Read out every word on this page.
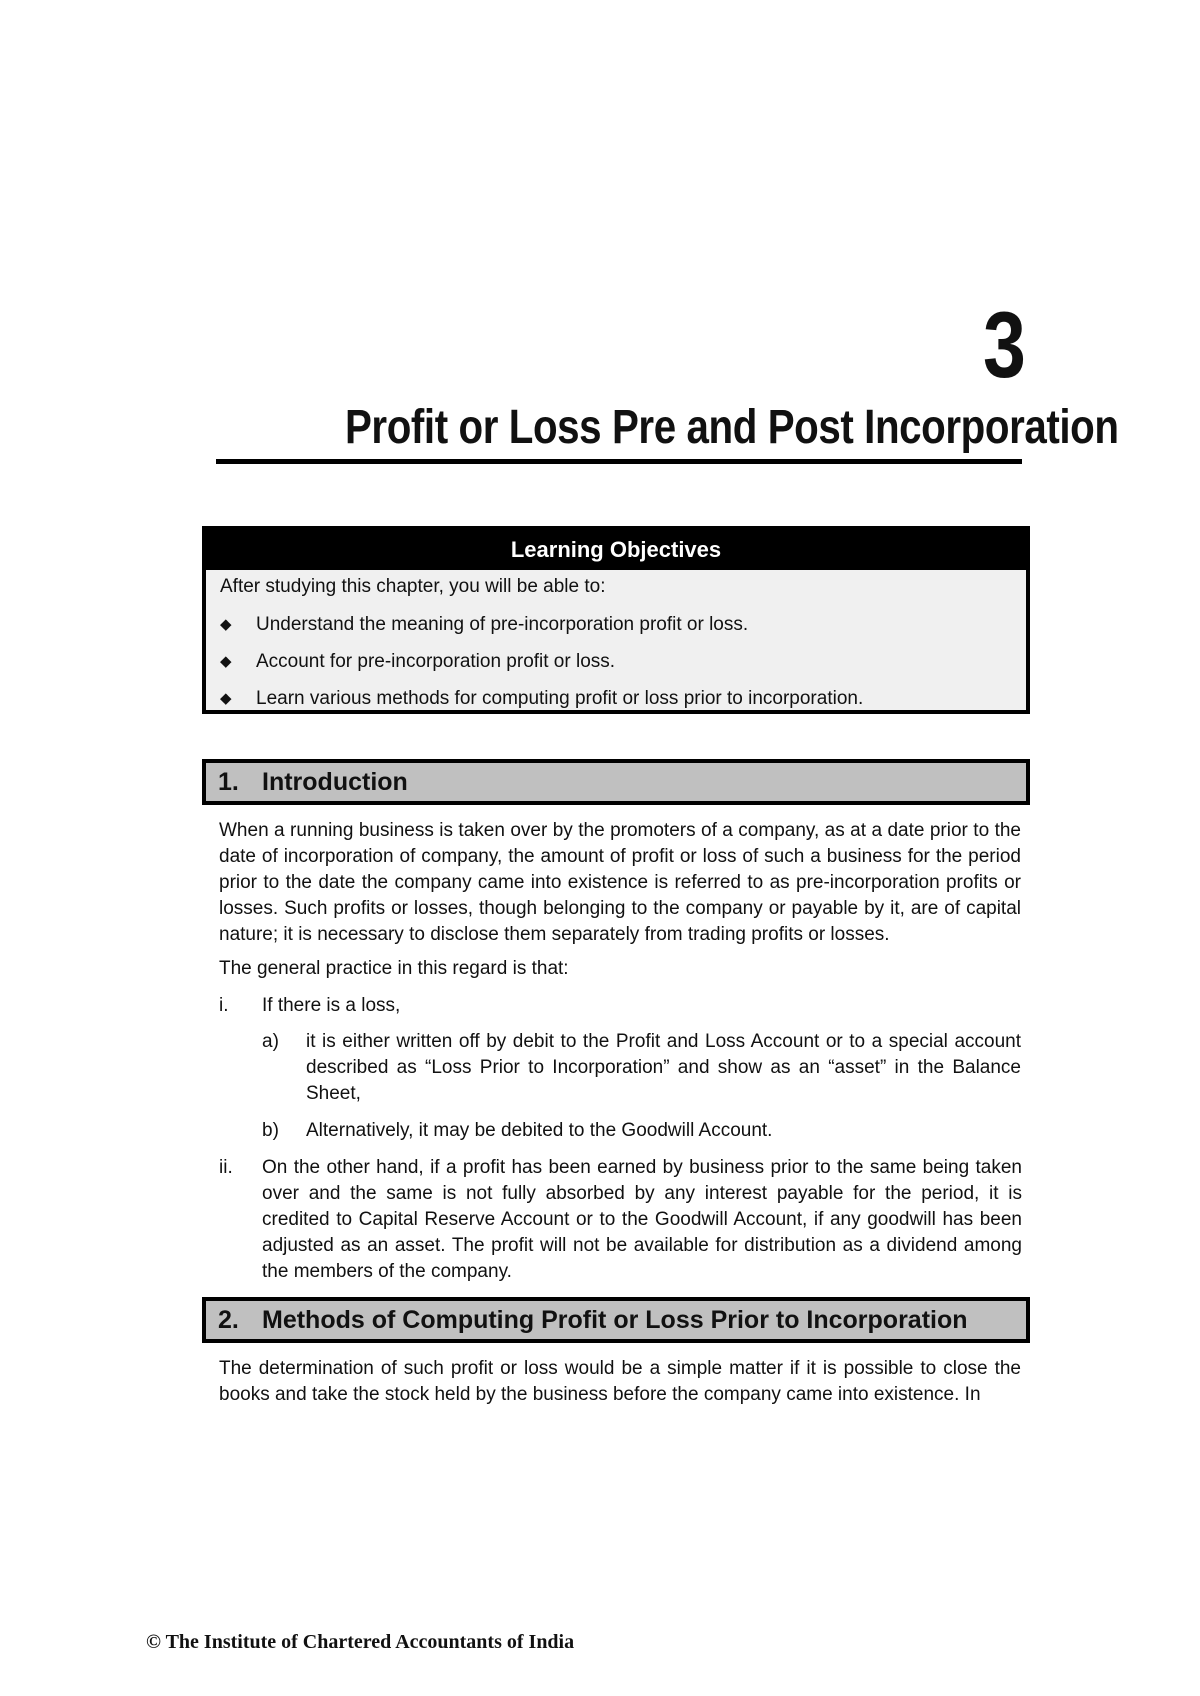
3
Profit or Loss Pre and Post Incorporation
Learning Objectives
After studying this chapter, you will be able to:
◆	Understand the meaning of pre-incorporation profit or loss.
◆	Account for pre-incorporation profit or loss.
◆	Learn various methods for computing profit or loss prior to incorporation.
1. Introduction

When a running business is taken over by the promoters of a company, as at a date prior to the date of incorporation of company, the amount of profit or loss of such a business for the period prior to the date the company came into existence is referred to as pre-incorporation profits or losses. Such profits or losses, though belonging to the company or payable by it, are of capital nature; it is necessary to disclose them separately from trading profits or losses.

The general practice in this regard is that:

i. If there is a loss,
a) it is either written off by debit to the Profit and Loss Account or to a special account described as “Loss Prior to Incorporation” and show as an “asset” in the Balance Sheet,
b) Alternatively, it may be debited to the Goodwill Account.
ii. On the other hand, if a profit has been earned by business prior to the same being taken over and the same is not fully absorbed by any interest payable for the period, it is credited to Capital Reserve Account or to the Goodwill Account, if any goodwill has been adjusted as an asset. The profit will not be available for distribution as a dividend among the members of the company.
2. Methods of Computing Profit or Loss Prior to Incorporation

The determination of such profit or loss would be a simple matter if it is possible to close the books and take the stock held by the business before the company came into existence. In

© The Institute of Chartered Accountants of India
